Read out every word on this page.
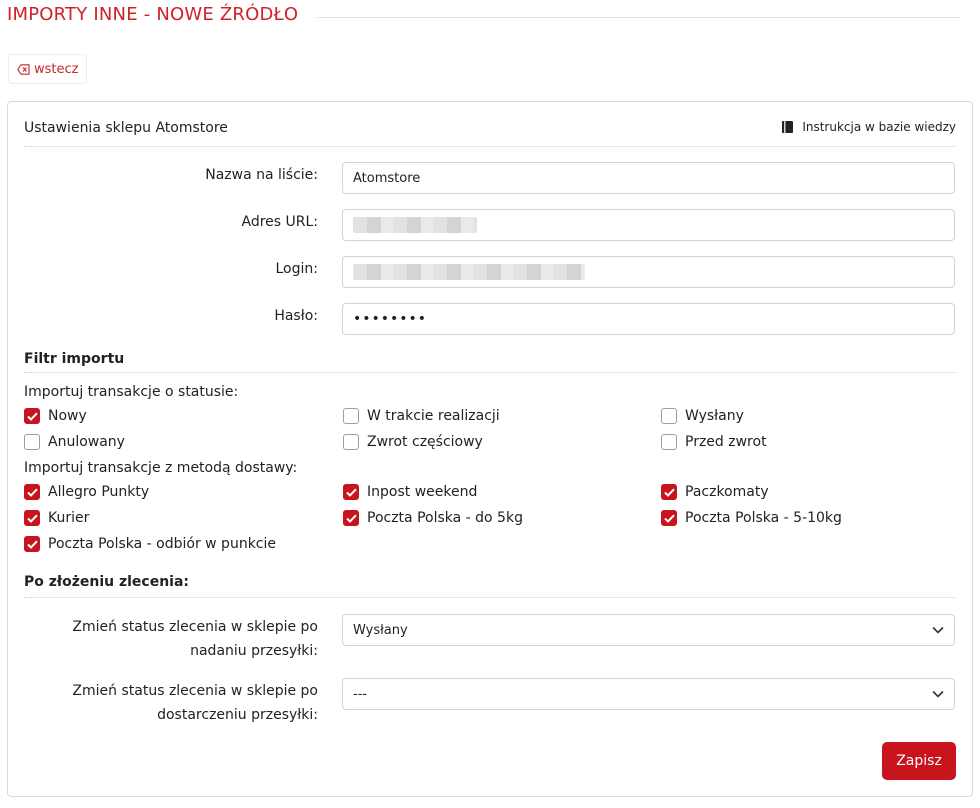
IMPORTY INNE - NOWE ŹRÓDŁO
wstecz
Ustawienia sklepu Atomstore	Instrukcja w bazie wiedzy
Nazwa na liście:	Atomstore
Adres URL:
Login:
Hasło:	••••••••
Filtr importu
Importuj transakcje o statusie:
Nowy	W trakcie realizacji	Wysłany
Anulowany	Zwrot częściowy	Przed zwrot
Importuj transakcje z metodą dostawy:
Allegro Punkty	Inpost weekend	Paczkomaty
Kurier	Poczta Polska - do 5kg	Poczta Polska - 5-10kg
Poczta Polska - odbiór w punkcie
Po złożeniu zlecenia:
Zmień status zlecenia w sklepie po
nadaniu przesyłki:
Wysłany
Zmień status zlecenia w sklepie po
dostarczeniu przesyłki:
---
Zapisz
